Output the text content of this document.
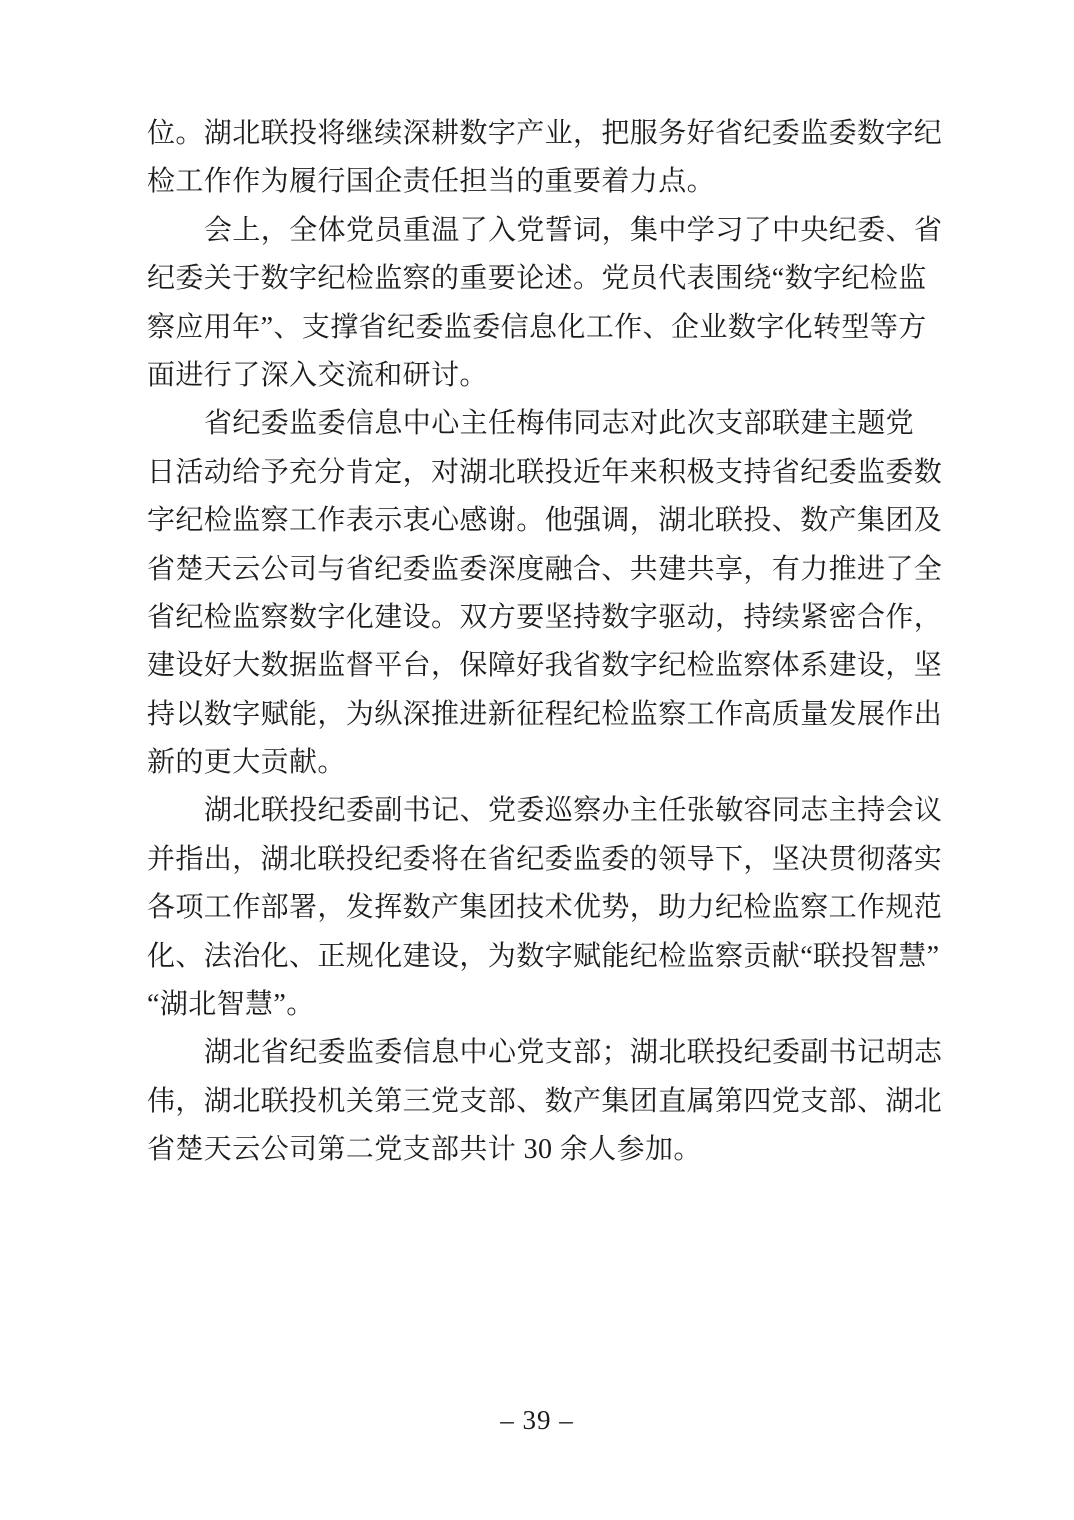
位。湖北联投将继续深耕数字产业，把服务好省纪委监委数字纪
检工作作为履行国企责任担当的重要着力点。
会上，全体党员重温了入党誓词，集中学习了中央纪委、省
纪委关于数字纪检监察的重要论述。党员代表围绕“数字纪检监
察应用年”、支撑省纪委监委信息化工作、企业数字化转型等方
面进行了深入交流和研讨。
省纪委监委信息中心主任梅伟同志对此次支部联建主题党
日活动给予充分肯定，对湖北联投近年来积极支持省纪委监委数
字纪检监察工作表示衷心感谢。他强调，湖北联投、数产集团及
省楚天云公司与省纪委监委深度融合、共建共享，有力推进了全
省纪检监察数字化建设。双方要坚持数字驱动，持续紧密合作，
建设好大数据监督平台，保障好我省数字纪检监察体系建设，坚
持以数字赋能，为纵深推进新征程纪检监察工作高质量发展作出
新的更大贡献。
湖北联投纪委副书记、党委巡察办主任张敏容同志主持会议
并指出，湖北联投纪委将在省纪委监委的领导下，坚决贯彻落实
各项工作部署，发挥数产集团技术优势，助力纪检监察工作规范
化、法治化、正规化建设，为数字赋能纪检监察贡献“联投智慧”
“湖北智慧”。
湖北省纪委监委信息中心党支部；湖北联投纪委副书记胡志
伟，湖北联投机关第三党支部、数产集团直属第四党支部、湖北
省楚天云公司第二党支部共计 30 余人参加。
– 39 –
